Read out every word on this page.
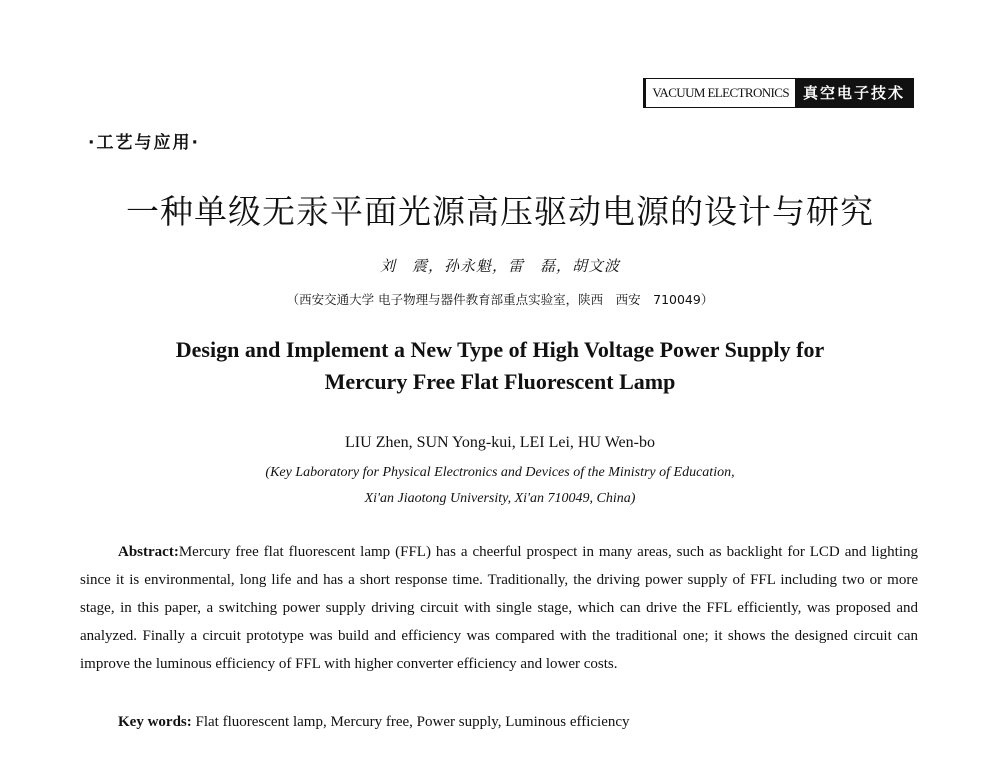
VACUUM ELECTRONICS 真空电子技术
·工艺与应用·
一种单级无汞平面光源高压驱动电源的设计与研究
刘　震，孙永魁，雷　磊，胡文波
（西安交通大学 电子物理与器件教育部重点实验室，陕西　西安　710049）
Design and Implement a New Type of High Voltage Power Supply for
Mercury Free Flat Fluorescent Lamp
LIU Zhen, SUN Yong-kui, LEI Lei, HU Wen-bo
(Key Laboratory for Physical Electronics and Devices of the Ministry of Education,
Xi'an Jiaotong University, Xi'an 710049, China)

Abstract:Mercury free flat fluorescent lamp (FFL) has a cheerful prospect in many areas, such as backlight for LCD and lighting since it is environmental, long life and has a short response time. Traditionally, the driving power supply of FFL including two or more stage, in this paper, a switching power supply driving circuit with single stage, which can drive the FFL efficiently, was proposed and analyzed. Finally a circuit prototype was build and efficiency was compared with the traditional one; it shows the designed circuit can improve the luminous efficiency of FFL with higher converter efficiency and lower costs.

Key words: Flat fluorescent lamp, Mercury free, Power supply, Luminous efficiency
